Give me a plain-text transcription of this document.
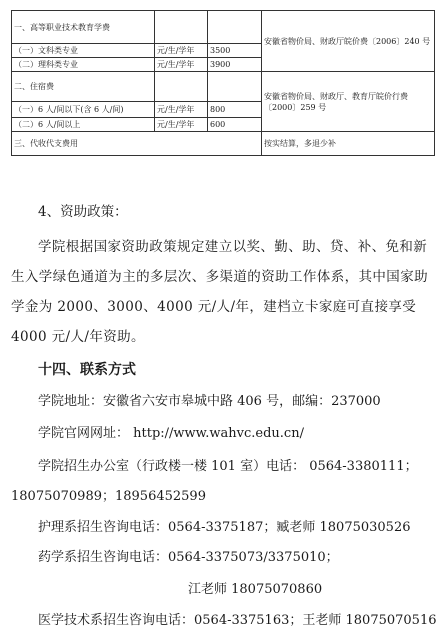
一、高等职业技术教育学费			安徽省物价局、财政厅皖价费〔2006〕240 号
（一）文科类专业	元/生/学年	3500	
（二）理科类专业	元/生/学年	3900	
二、住宿费			安徽省物价局、财政厅、教育厅皖价行费〔2000〕259 号
（一）6 人/间以下(含 6 人/间)	元/生/学年	800	
（二）6 人/间以上	元/生/学年	600	
三、代收代支费用			按实结算，多退少补

4、资助政策：

学院根据国家资助政策规定建立以奖、勤、助、贷、补、免和新生入学绿色通道为主的多层次、多渠道的资助工作体系，其中国家助学金为 2000、3000、4000 元/人/年，建档立卡家庭可直接享受 4000 元/人/年资助。

十四、联系方式

学院地址：安徽省六安市皋城中路 406 号，邮编：237000

学院官网网址： http://www.wahvc.edu.cn/

学院招生办公室（行政楼一楼 101 室）电话： 0564-3380111；

18075070989；18956452599

护理系招生咨询电话：0564-3375187；臧老师 18075030526

药学系招生咨询电话：0564-3375073/3375010；

江老师 18075070860

医学技术系招生咨询电话：0564-3375163；王老师 18075070516
